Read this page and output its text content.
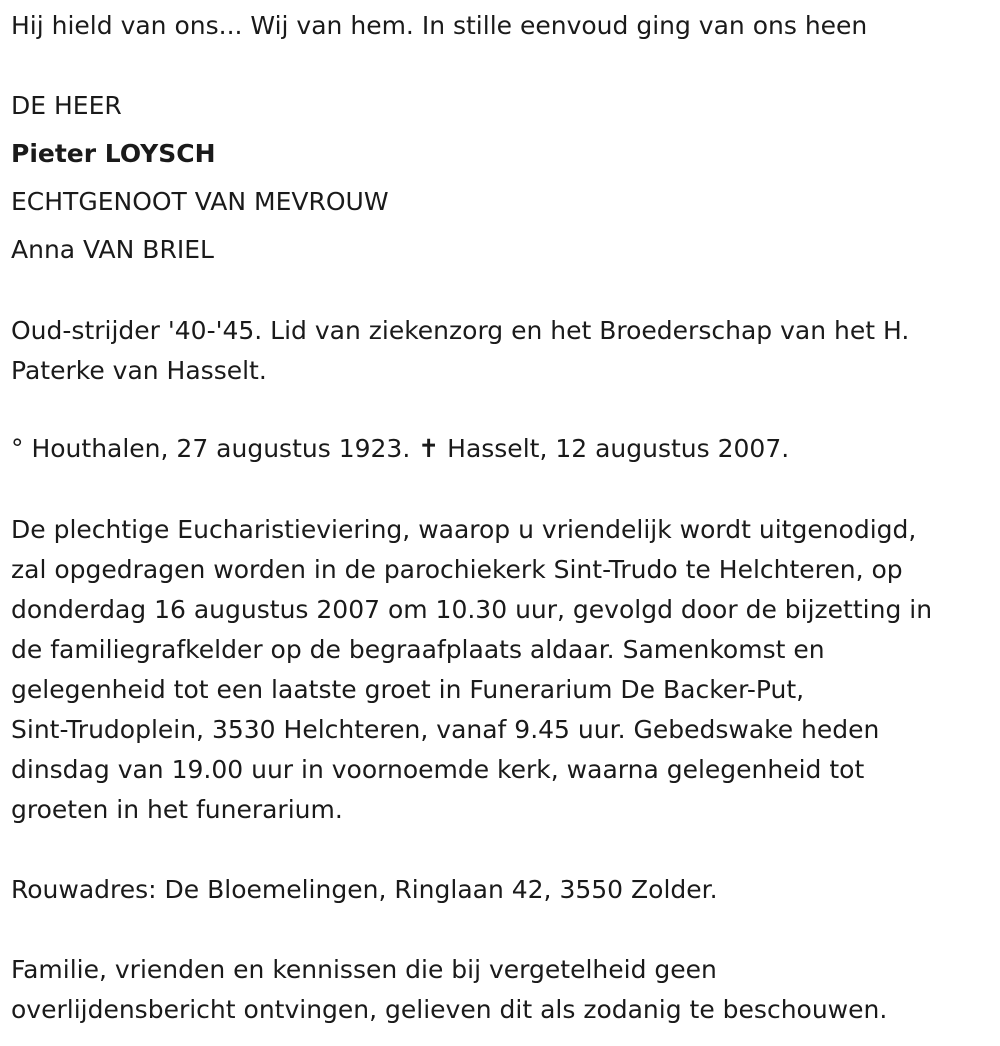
Hij hield van ons... Wij van hem. In stille eenvoud ging van ons heen
DE HEER
Pieter LOYSCH
ECHTGENOOT VAN MEVROUW
Anna VAN BRIEL
Oud-strijder '40-'45. Lid van ziekenzorg en het Broederschap van het H.
Paterke van Hasselt.
° Houthalen, 27 augustus 1923. ✝ Hasselt, 12 augustus 2007.
De plechtige Eucharistieviering, waarop u vriendelijk wordt uitgenodigd,
zal opgedragen worden in de parochiekerk Sint-Trudo te Helchteren, op
donderdag 16 augustus 2007 om 10.30 uur, gevolgd door de bijzetting in
de familiegrafkelder op de begraafplaats aldaar. Samenkomst en
gelegenheid tot een laatste groet in Funerarium De Backer-Put,
Sint-Trudoplein, 3530 Helchteren, vanaf 9.45 uur. Gebedswake heden
dinsdag van 19.00 uur in voornoemde kerk, waarna gelegenheid tot
groeten in het funerarium.
Rouwadres: De Bloemelingen, Ringlaan 42, 3550 Zolder.
Familie, vrienden en kennissen die bij vergetelheid geen
overlijdensbericht ontvingen, gelieven dit als zodanig te beschouwen.
